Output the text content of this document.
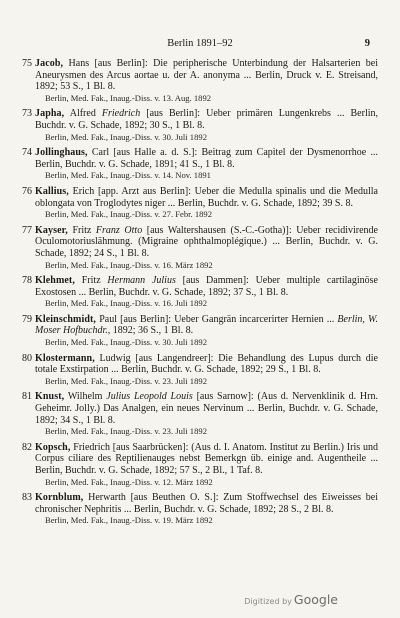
Berlin 1891–92	9
75 Jacob, Hans [aus Berlin]: Die peripherische Unterbindung der Halsarterien bei Aneurysmen des Arcus aortae u. der A. anonyma ... Berlin, Druck v. E. Streisand, 1892; 53 S., 1 Bl. 8.
Berlin, Med. Fak., Inaug.-Diss. v. 13. Aug. 1892
73 Japha, Alfred Friedrich [aus Berlin]: Ueber primären Lungenkrebs ... Berlin, Buchdr. v. G. Schade, 1892; 30 S., 1 Bl. 8.
Berlin, Med. Fak., Inaug.-Diss. v. 30. Juli 1892
74 Jollinghaus, Carl [aus Halle a. d. S.]: Beitrag zum Capitel der Dysmenorrhoe ... Berlin, Buchdr. v. G. Schade, 1891; 41 S., 1 Bl. 8.
Berlin, Med. Fak., Inaug.-Diss. v. 14. Nov. 1891
76 Kallius, Erich [app. Arzt aus Berlin]: Ueber die Medulla spinalis und die Medulla oblongata von Troglodytes niger ... Berlin, Buchdr. v. G. Schade, 1892; 39 S. 8.
Berlin, Med. Fak., Inaug.-Diss. v. 27. Febr. 1892
77 Kayser, Fritz Franz Otto [aus Waltershausen (S.-C.-Gotha)]: Ueber recidivirende Oculomotoriuslähmung. (Migraine ophthalmoplégique.) ... Berlin, Buchdr. v. G. Schade, 1892; 24 S., 1 Bl. 8.
Berlin, Med. Fak., Inaug.-Diss. v. 16. März 1892
78 Klehmet, Fritz Hermann Julius [aus Dammen]: Ueber multiple cartilaginöse Exostosen ... Berlin, Buchdr. v. G. Schade, 1892; 37 S., 1 Bl. 8.
Berlin, Med. Fak., Inaug.-Diss. v. 16. Juli 1892
79 Kleinschmidt, Paul [aus Berlin]: Ueber Gangrän incarcerirter Hernien ... Berlin, W. Moser Hofbuchdr., 1892; 36 S., 1 Bl. 8.
Berlin, Med. Fak., Inaug.-Diss. v. 30. Juli 1892
80 Klostermann, Ludwig [aus Langendreer]: Die Behandlung des Lupus durch die totale Exstirpation ... Berlin, Buchdr. v. G. Schade, 1892; 29 S., 1 Bl. 8.
Berlin, Med. Fak., Inaug.-Diss. v. 23. Juli 1892
81 Knust, Wilhelm Julius Leopold Louis [aus Sarnow]: (Aus d. Nervenklinik d. Hrn. Geheimr. Jolly.) Das Analgen, ein neues Nervinum ... Berlin, Buchdr. v. G. Schade, 1892; 34 S., 1 Bl. 8.
Berlin, Med. Fak., Inaug.-Diss. v. 23. Juli 1892
82 Kopsch, Friedrich [aus Saarbrücken]: (Aus d. I. Anatom. Institut zu Berlin.) Iris und Corpus ciliare des Reptilienauges nebst Bemerkgn üb. einige and. Augentheile ... Berlin, Buchdr. v. G. Schade, 1892; 57 S., 2 Bl., 1 Taf. 8.
Berlin, Med. Fak., Inaug.-Diss. v. 12. März 1892
83 Kornblum, Herwarth [aus Beuthen O. S.]: Zum Stoffwechsel des Eiweisses bei chronischer Nephritis ... Berlin, Buchdr. v. G. Schade, 1892; 28 S., 2 Bl. 8.
Berlin, Med. Fak., Inaug.-Diss. v. 19. März 1892
Digitized by Google
